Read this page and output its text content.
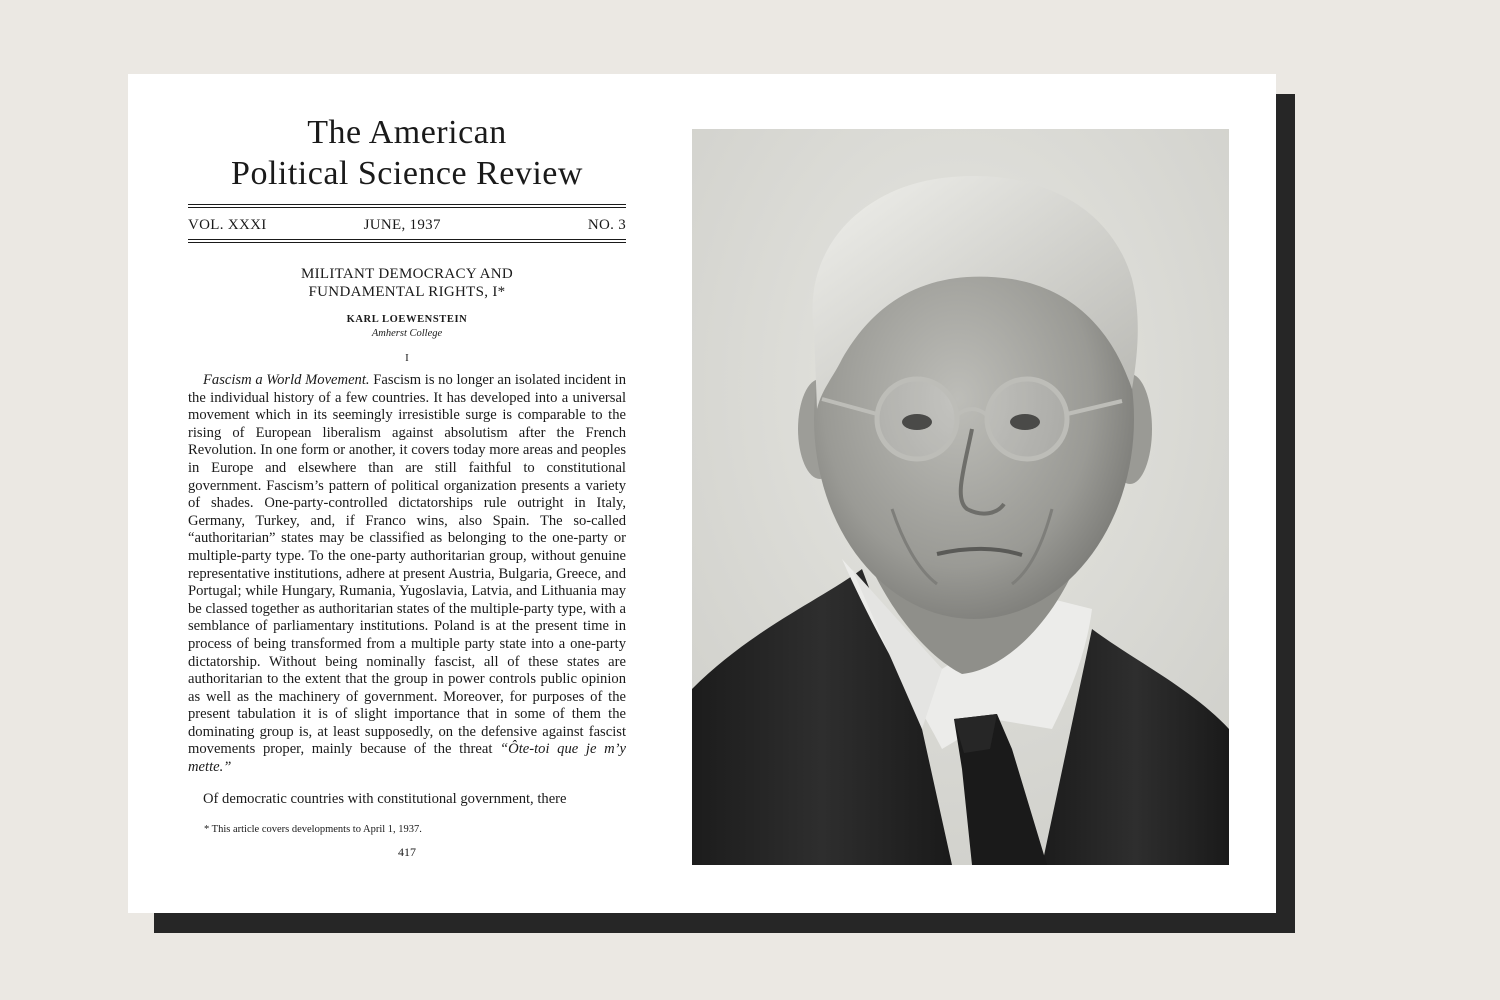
The American
Political Science Review
VOL. XXXI	JUNE, 1937	NO. 3
MILITANT DEMOCRACY AND
FUNDAMENTAL RIGHTS, I*
KARL LOEWENSTEIN
Amherst College
I

Fascism a World Movement. Fascism is no longer an isolated incident in the individual history of a few countries. It has developed into a universal movement which in its seemingly irresistible surge is comparable to the rising of European liberalism against absolutism after the French Revolution. In one form or another, it covers today more areas and peoples in Europe and elsewhere than are still faithful to constitutional government. Fascism’s pattern of political organization presents a variety of shades. One-party-controlled dictatorships rule outright in Italy, Germany, Turkey, and, if Franco wins, also Spain. The so-called “authoritarian” states may be classified as belonging to the one-party or multiple-party type. To the one-party authoritarian group, without genuine representative institutions, adhere at present Austria, Bulgaria, Greece, and Portugal; while Hungary, Rumania, Yugoslavia, Latvia, and Lithuania may be classed together as authoritarian states of the multiple-party type, with a semblance of parliamentary institutions. Poland is at the present time in process of being transformed from a multiple party state into a one-party dictatorship. Without being nominally fascist, all of these states are authoritarian to the extent that the group in power controls public opinion as well as the machinery of government. Moreover, for purposes of the present tabulation it is of slight importance that in some of them the dominating group is, at least supposedly, on the defensive against fascist movements proper, mainly because of the threat “Ôte-toi que je m’y mette.”

Of democratic countries with constitutional government, there

* This article covers developments to April 1, 1937.
417
